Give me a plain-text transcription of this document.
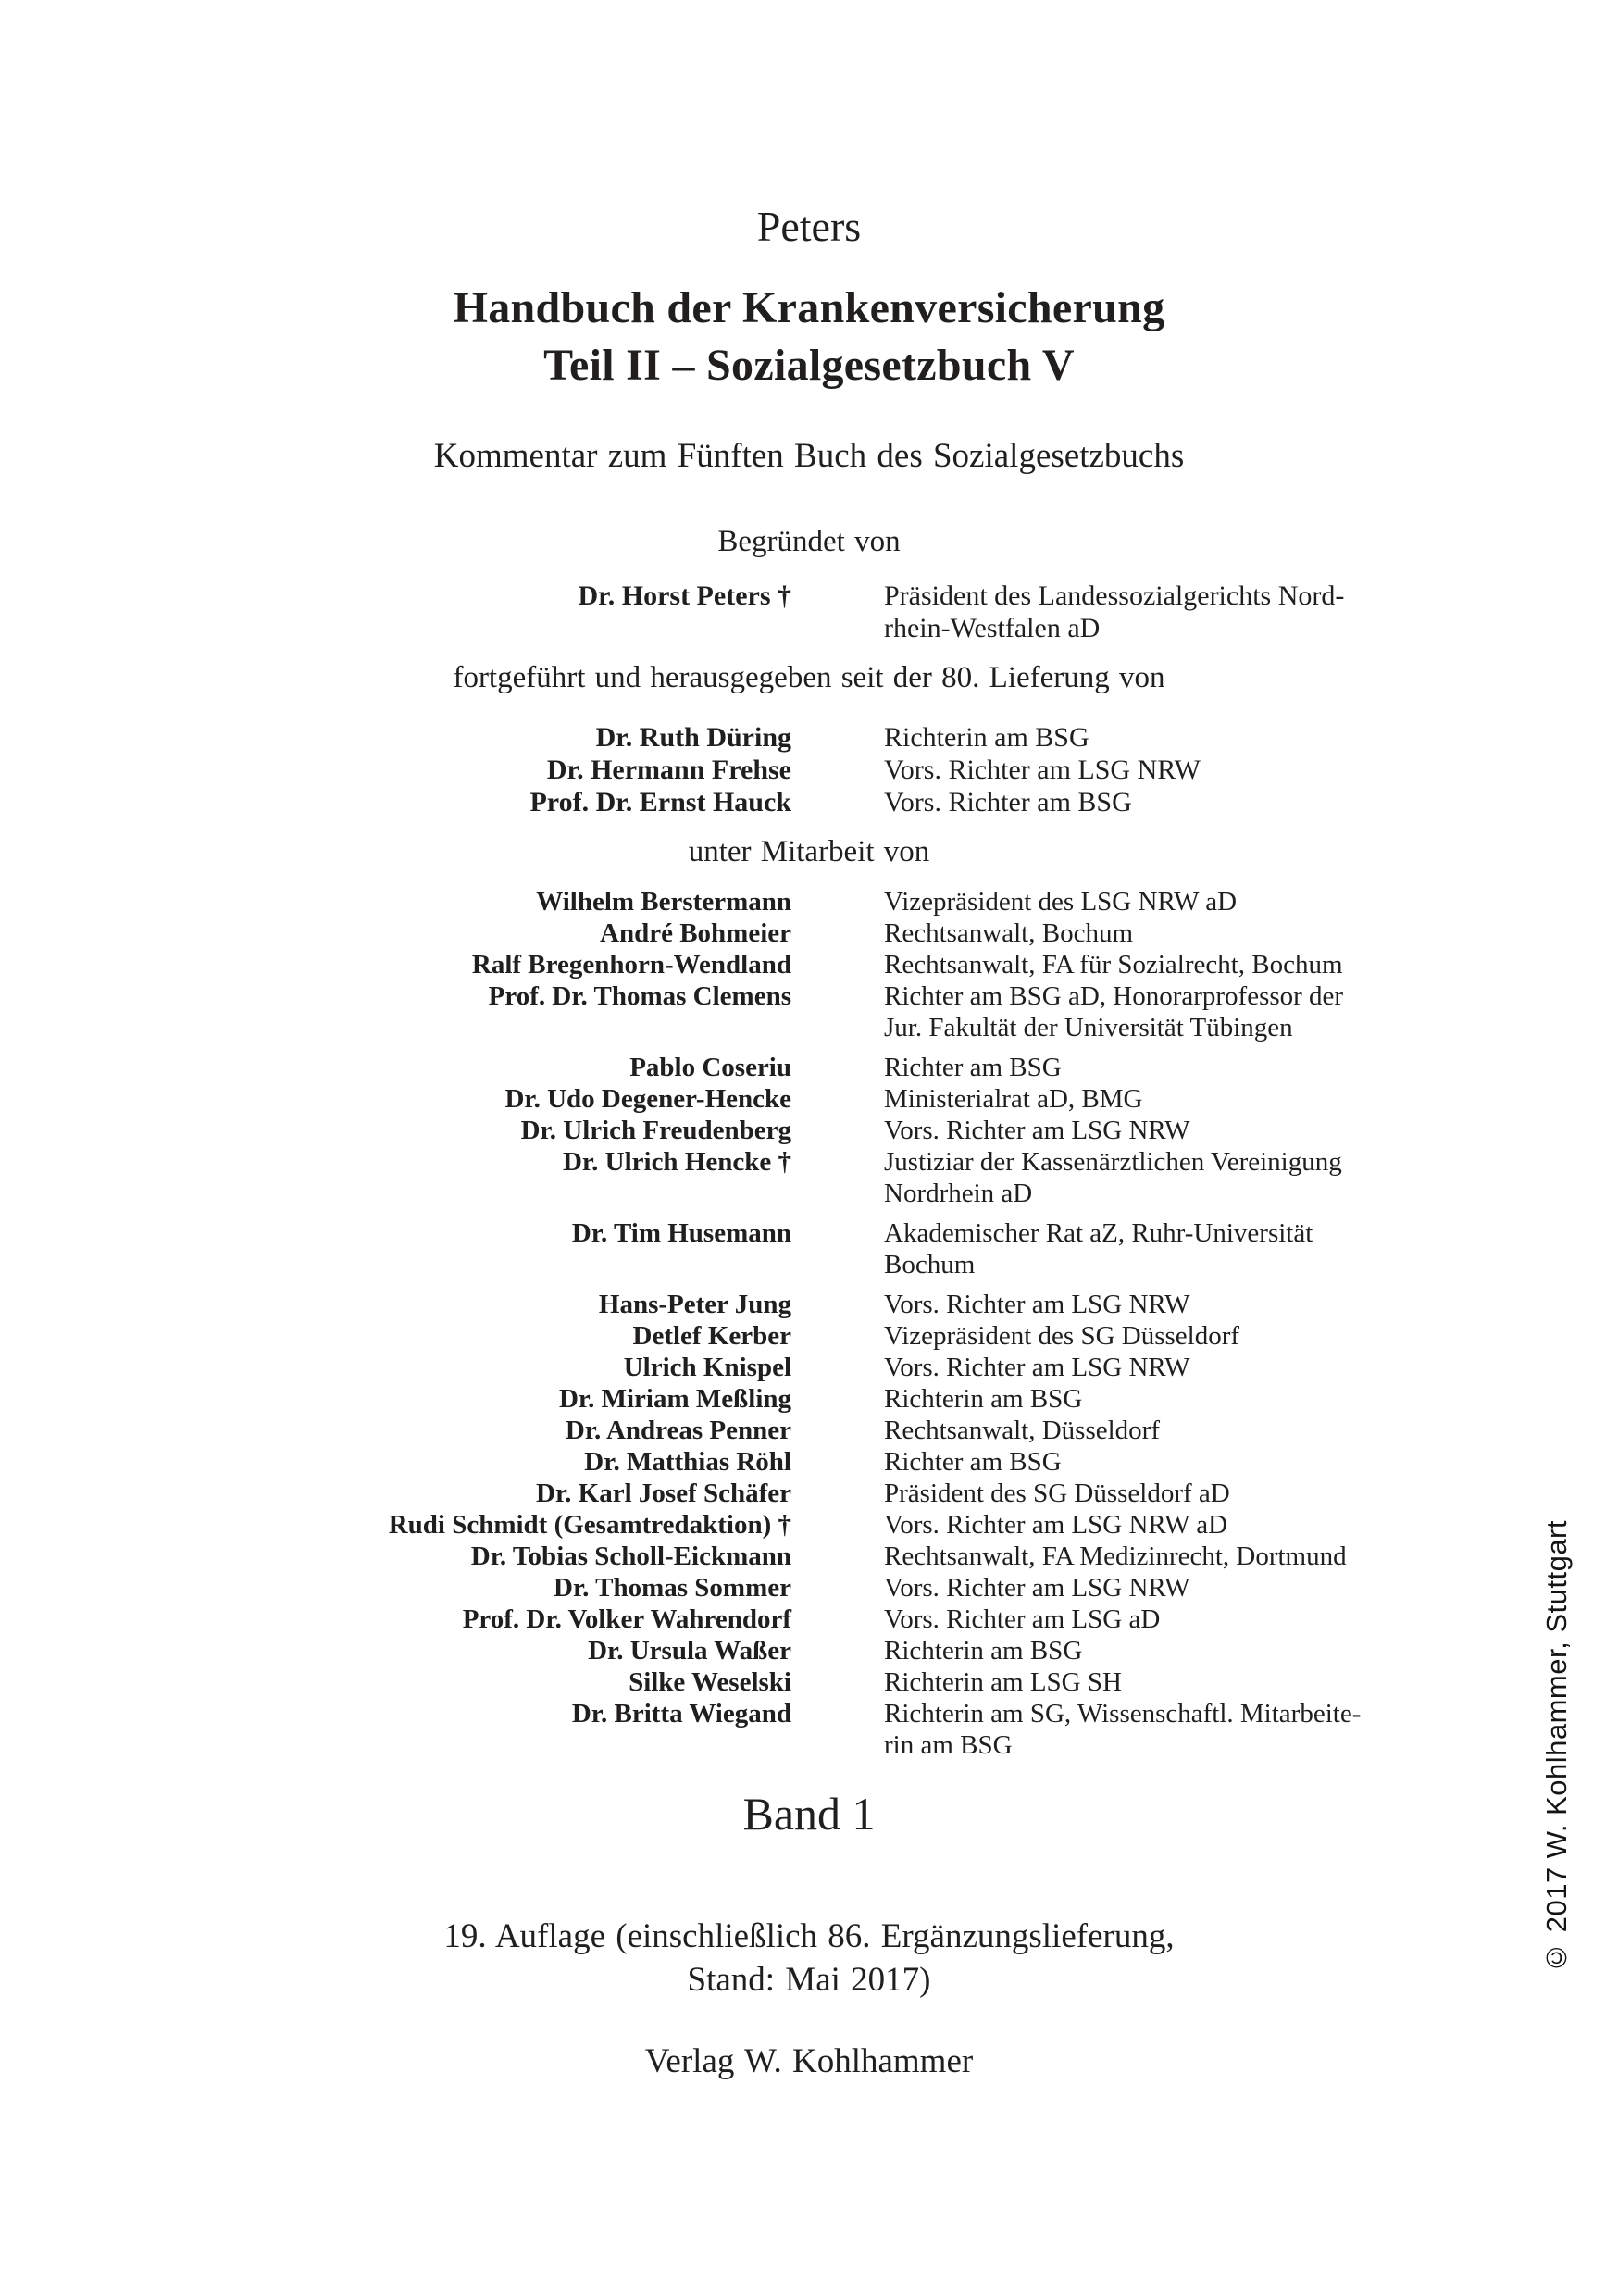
Peters
Handbuch der Krankenversicherung
Teil II – Sozialgesetzbuch V
Kommentar zum Fünften Buch des Sozialgesetzbuchs
Begründet von
Dr. Horst Peters †	Präsident des Landessozialgerichts Nord-
rhein-Westfalen aD
fortgeführt und herausgegeben seit der 80. Lieferung von
Dr. Ruth Düring	Richterin am BSG
Dr. Hermann Frehse	Vors. Richter am LSG NRW
Prof. Dr. Ernst Hauck	Vors. Richter am BSG
unter Mitarbeit von
Wilhelm Berstermann	Vizepräsident des LSG NRW aD
André Bohmeier	Rechtsanwalt, Bochum
Ralf Bregenhorn-Wendland	Rechtsanwalt, FA für Sozialrecht, Bochum
Prof. Dr. Thomas Clemens	Richter am BSG aD, Honorarprofessor der
Jur. Fakultät der Universität Tübingen
Pablo Coseriu	Richter am BSG
Dr. Udo Degener-Hencke	Ministerialrat aD, BMG
Dr. Ulrich Freudenberg	Vors. Richter am LSG NRW
Dr. Ulrich Hencke †	Justiziar der Kassenärztlichen Vereinigung
Nordrhein aD
Dr. Tim Husemann	Akademischer Rat aZ, Ruhr-Universität
Bochum
Hans-Peter Jung	Vors. Richter am LSG NRW
Detlef Kerber	Vizepräsident des SG Düsseldorf
Ulrich Knispel	Vors. Richter am LSG NRW
Dr. Miriam Meßling	Richterin am BSG
Dr. Andreas Penner	Rechtsanwalt, Düsseldorf
Dr. Matthias Röhl	Richter am BSG
Dr. Karl Josef Schäfer	Präsident des SG Düsseldorf aD
Rudi Schmidt (Gesamtredaktion) †	Vors. Richter am LSG NRW aD
Dr. Tobias Scholl-Eickmann	Rechtsanwalt, FA Medizinrecht, Dortmund
Dr. Thomas Sommer	Vors. Richter am LSG NRW
Prof. Dr. Volker Wahrendorf	Vors. Richter am LSG aD
Dr. Ursula Waßer	Richterin am BSG
Silke Weselski	Richterin am LSG SH
Dr. Britta Wiegand	Richterin am SG, Wissenschaftl. Mitarbeite-
rin am BSG
Band 1
19. Auflage (einschließlich 86. Ergänzungslieferung,
Stand: Mai 2017)
Verlag W. Kohlhammer
© 2017 W. Kohlhammer, Stuttgart
